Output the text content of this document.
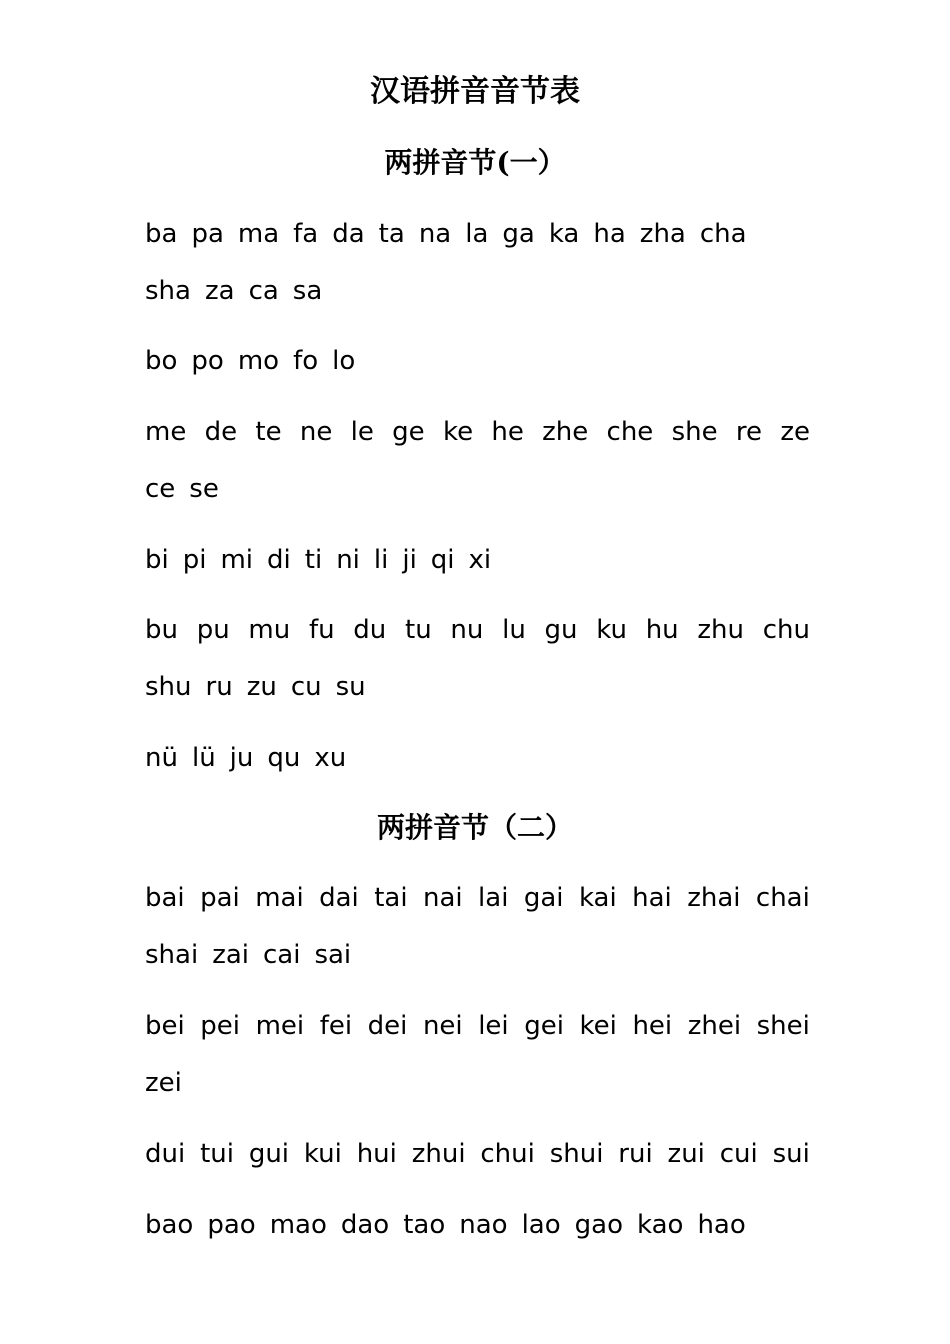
汉语拼音音节表
两拼音节(一）
ba pa ma fa da ta na la ga ka ha zha cha
sha za ca sa
bo po mo fo lo
me de te ne le ge ke he zhe che she re ze
ce se
bi pi mi di ti ni li ji qi xi
bu pu mu fu du tu nu lu gu ku hu zhu chu
shu ru zu cu su
nü lü ju qu xu
两拼音节（二）
bai pai mai dai tai nai lai gai kai hai zhai chai
shai zai cai sai
bei pei mei fei dei nei lei gei kei hei zhei shei
zei
dui tui gui kui hui zhui chui shui rui zui cui sui
bao pao mao dao tao nao lao gao kao hao
